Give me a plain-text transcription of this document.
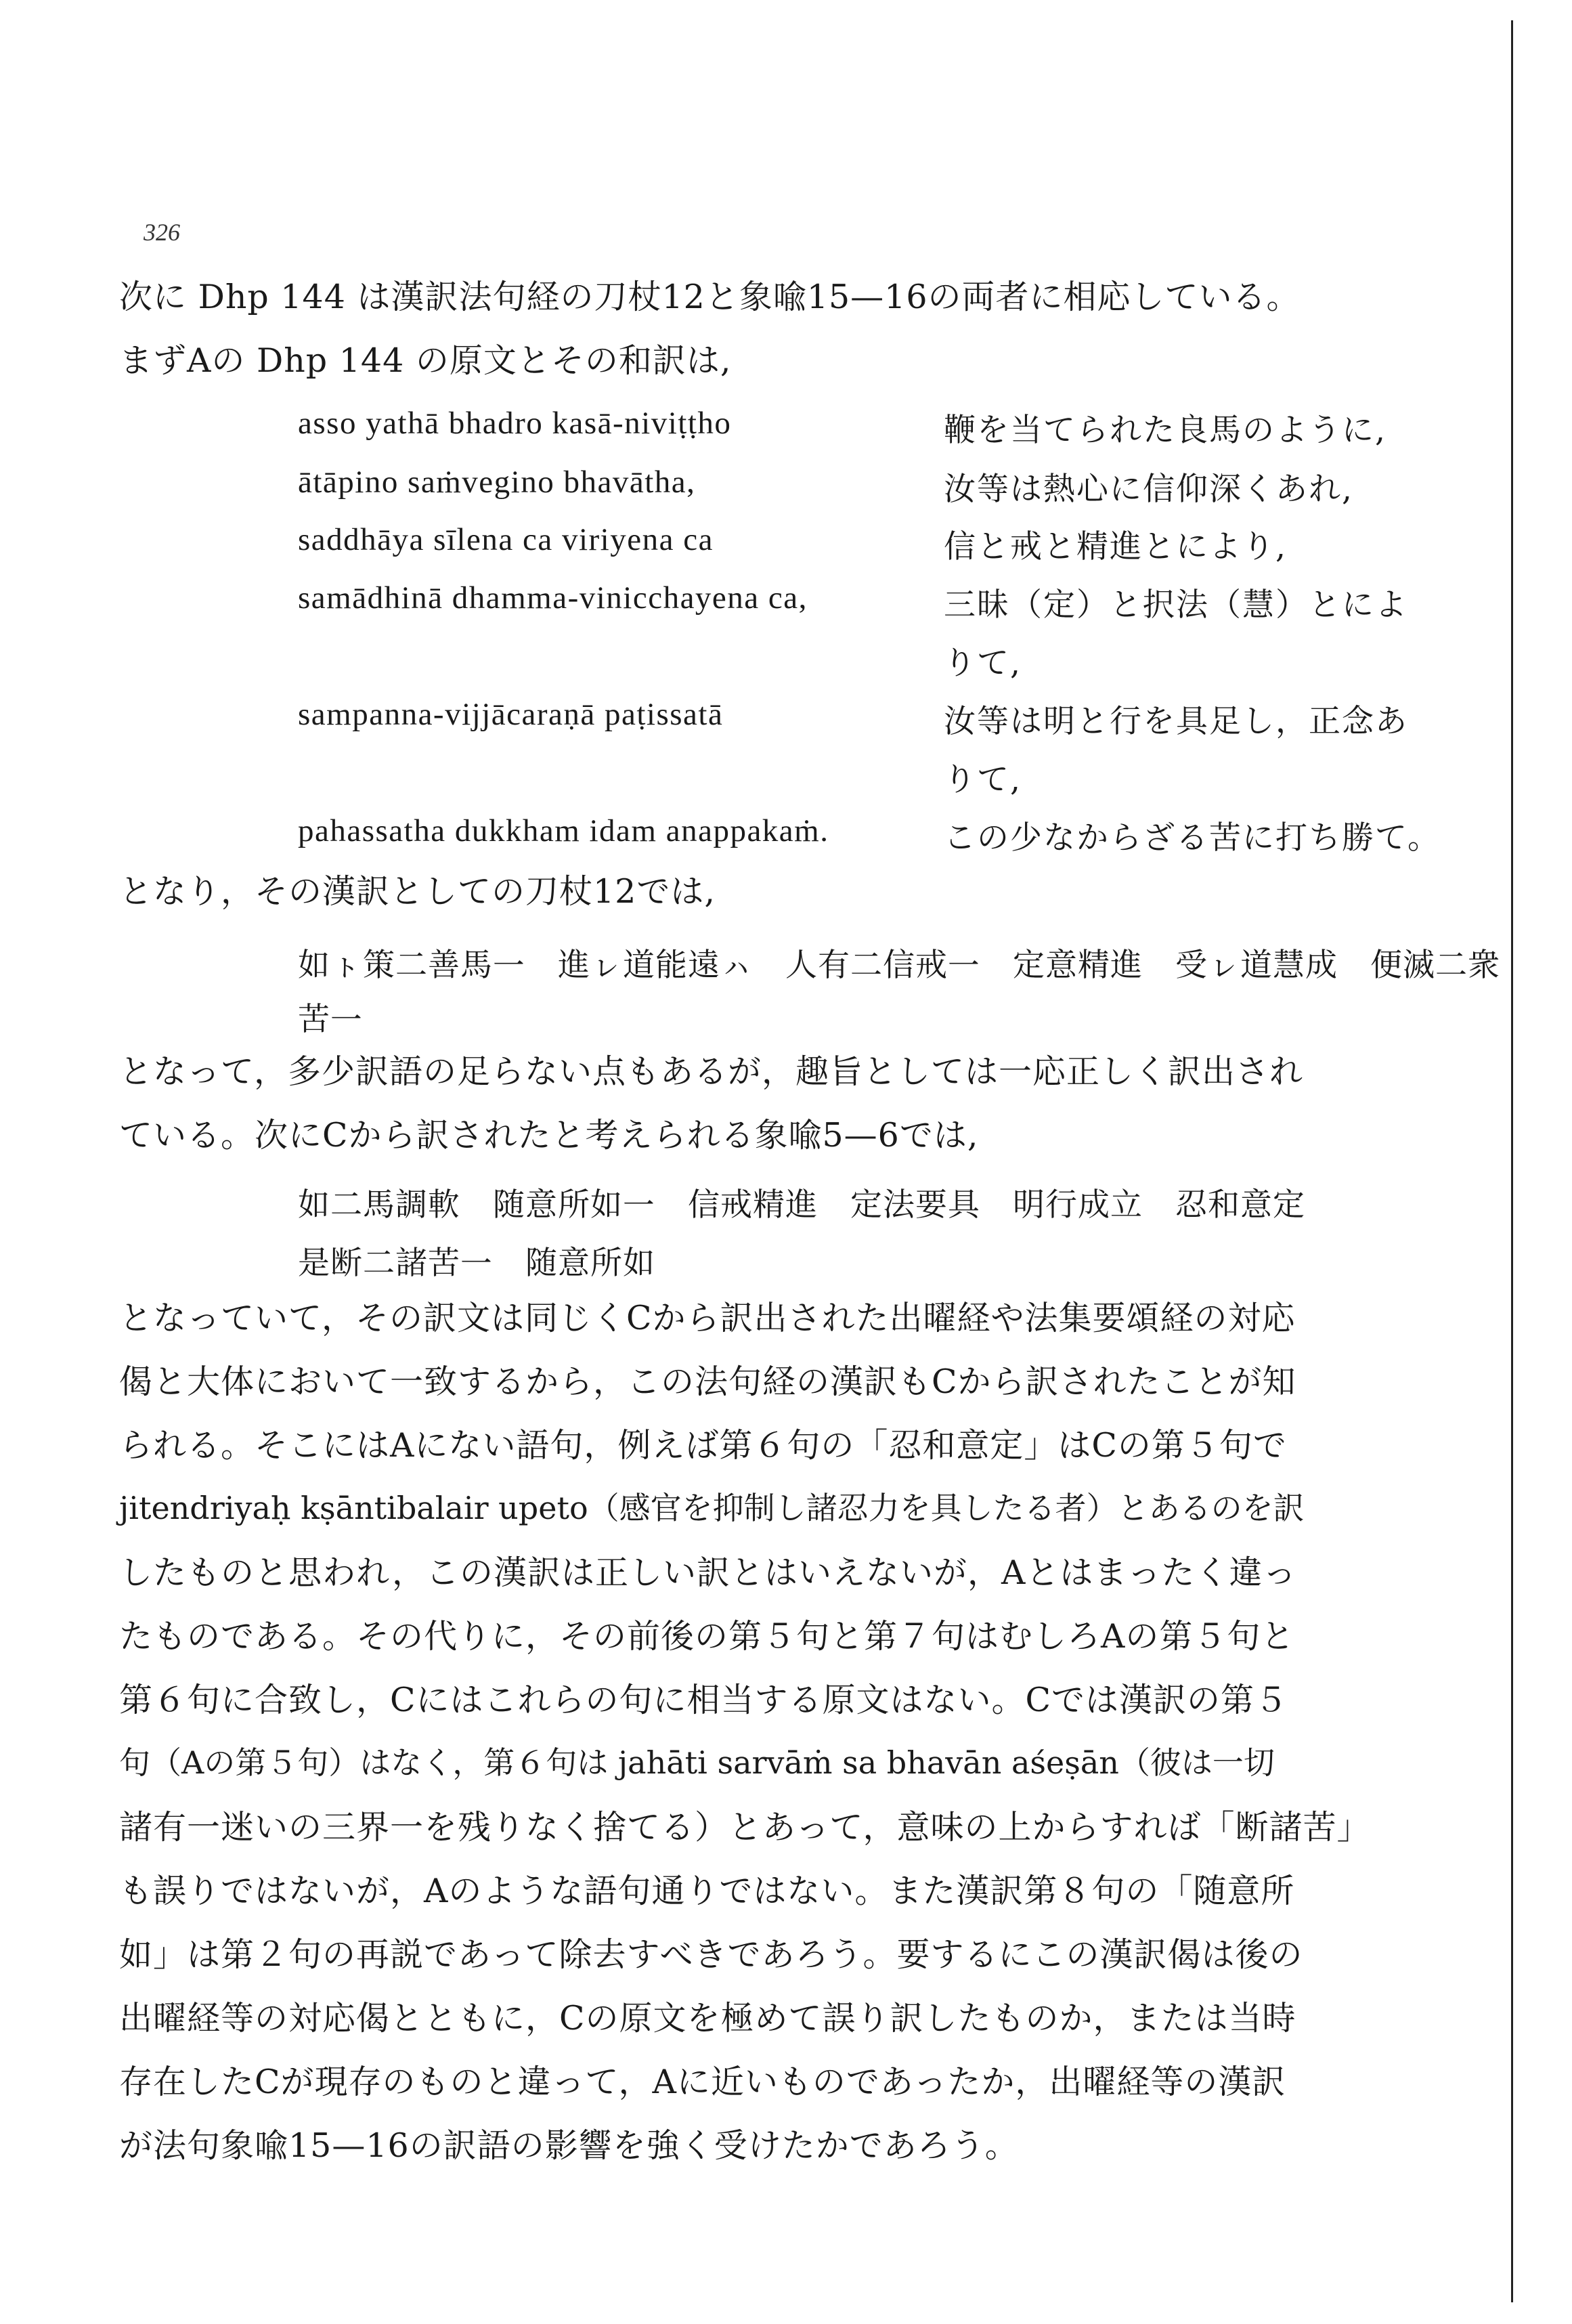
326
次に Dhp 144 は漢訳法句経の刀杖12と象喩15—16の両者に相応している。
まずAの Dhp 144 の原文とその和訳は,
asso yathā bhadro kasā-niviṭṭho	鞭を当てられた良馬のように,
ātāpino saṁvegino bhavātha,	汝等は熱心に信仰深くあれ,
saddhāya sīlena ca viriyena ca	信と戒と精進とにより,
samādhinā dhamma-vinicchayena ca,	三昧（定）と択法（慧）とによ
りて,
sampanna-vijjācaraṇā paṭissatā	汝等は明と行を具足し，正念あ
りて,
pahassatha dukkham idam anappakaṁ.	この少なからざる苦に打ち勝て。
となり，その漢訳としての刀杖12では,
如ㇳ策㆓善馬㆒　進ㇾ道能遠ㇵ　人有㆓信戒㆒　定意精進　受ㇾ道慧成　便滅㆓衆
苦㆒
となって，多少訳語の足らない点もあるが，趣旨としては一応正しく訳出され
ている。次にCから訳されたと考えられる象喩5—6では,
如㆓馬調軟　随意所如㆒　信戒精進　定法要具　明行成立　忍和意定
是断㆓諸苦㆒　随意所如
となっていて，その訳文は同じくCから訳出された出曜経や法集要頌経の対応
偈と大体において一致するから，この法句経の漢訳もCから訳されたことが知
られる。そこにはAにない語句，例えば第６句の「忍和意定」はCの第５句で
jitendriyaḥ kṣāntibalair upeto（感官を抑制し諸忍力を具したる者）とあるのを訳
したものと思われ，この漢訳は正しい訳とはいえないが，Aとはまったく違っ
たものである。その代りに，その前後の第５句と第７句はむしろAの第５句と
第６句に合致し，Cにはこれらの句に相当する原文はない。Cでは漢訳の第５
句（Aの第５句）はなく，第６句は jahāti sarvāṁ sa bhavān aśeṣān（彼は一切
諸有一迷いの三界一を残りなく捨てる）とあって，意味の上からすれば「断諸苦」
も誤りではないが，Aのような語句通りではない。また漢訳第８句の「随意所
如」は第２句の再説であって除去すべきであろう。要するにこの漢訳偈は後の
出曜経等の対応偈とともに，Cの原文を極めて誤り訳したものか，または当時
存在したCが現存のものと違って，Aに近いものであったか，出曜経等の漢訳
が法句象喩15—16の訳語の影響を強く受けたかであろう。
